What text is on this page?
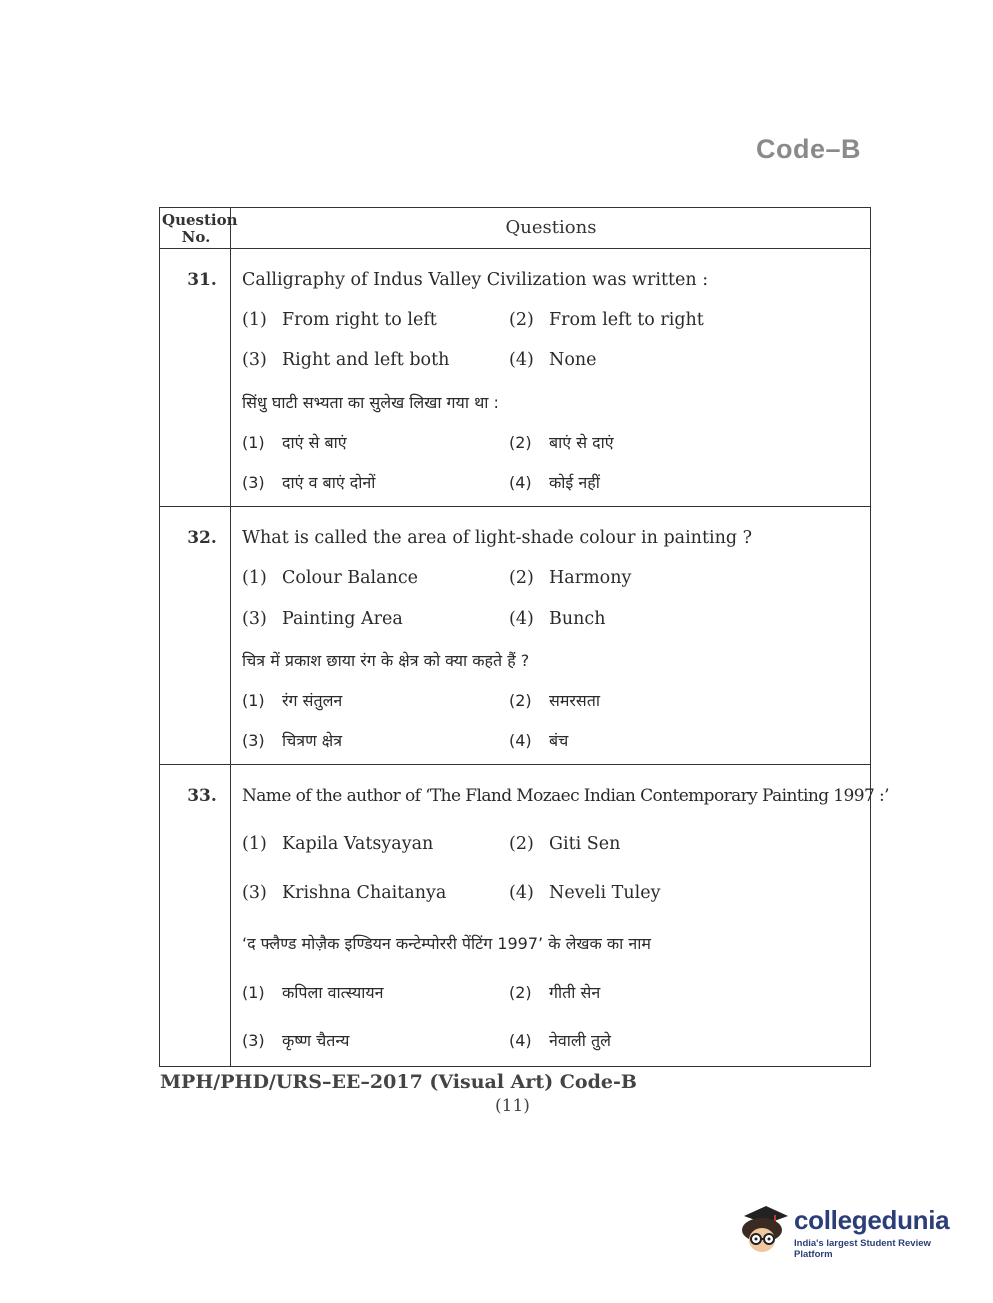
Code–B
Question
No.	Questions
31.	Calligraphy of Indus Valley Civilization was written :
(1) From right to left	(2) From left to right
(3) Right and left both	(4) None
सिंधु घाटी सभ्यता का सुलेख लिखा गया था :
(1) दाएं से बाएं	(2) बाएं से दाएं
(3) दाएं व बाएं दोनों	(4) कोई नहीं
32.	What is called the area of light-shade colour in painting ?
(1) Colour Balance	(2) Harmony
(3) Painting Area	(4) Bunch
चित्र में प्रकाश छाया रंग के क्षेत्र को क्या कहते हैं ?
(1) रंग संतुलन	(2) समरसता
(3) चित्रण क्षेत्र	(4) बंच
33.	Name of the author of ‘The Fland Mozaec Indian Contemporary Painting 1997 :’
(1) Kapila Vatsyayan	(2) Giti Sen
(3) Krishna Chaitanya	(4) Neveli Tuley
‘द फ्लैण्ड मोज़ैक इण्डियन कन्टेम्पोररी पेंटिंग 1997’ के लेखक का नाम
(1) कपिला वात्स्यायन	(2) गीती सेन
(3) कृष्ण चैतन्य	(4) नेवाली तुले
MPH/PHD/URS–EE–2017 (Visual Art) Code-B
(11)
collegedunia
India's largest Student Review Platform
